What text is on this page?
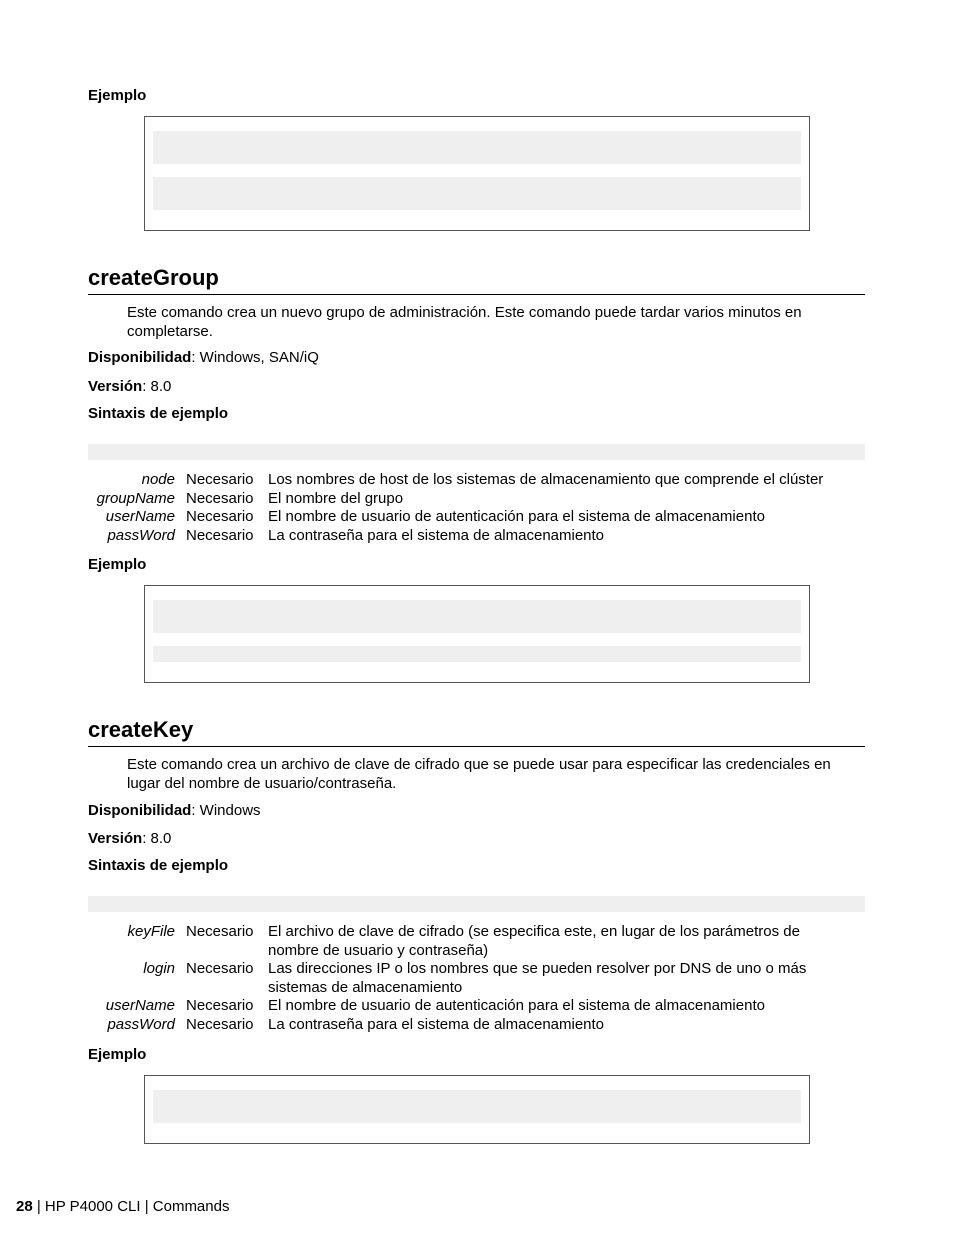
Ejemplo
createGroup
Este comando crea un nuevo grupo de administración. Este comando puede tardar varios minutos en completarse.
Disponibilidad: Windows, SAN/iQ
Versión: 8.0
Sintaxis de ejemplo
node Necesario Los nombres de host de los sistemas de almacenamiento que comprende el clúster
groupName Necesario El nombre del grupo
userName Necesario El nombre de usuario de autenticación para el sistema de almacenamiento
passWord Necesario La contraseña para el sistema de almacenamiento
Ejemplo
createKey
Este comando crea un archivo de clave de cifrado que se puede usar para especificar las credenciales en lugar del nombre de usuario/contraseña.
Disponibilidad: Windows
Versión: 8.0
Sintaxis de ejemplo
keyFile Necesario El archivo de clave de cifrado (se especifica este, en lugar de los parámetros de nombre de usuario y contraseña)
login Necesario Las direcciones IP o los nombres que se pueden resolver por DNS de uno o más sistemas de almacenamiento
userName Necesario El nombre de usuario de autenticación para el sistema de almacenamiento
passWord Necesario La contraseña para el sistema de almacenamiento
Ejemplo
28 | HP P4000 CLI | Commands
